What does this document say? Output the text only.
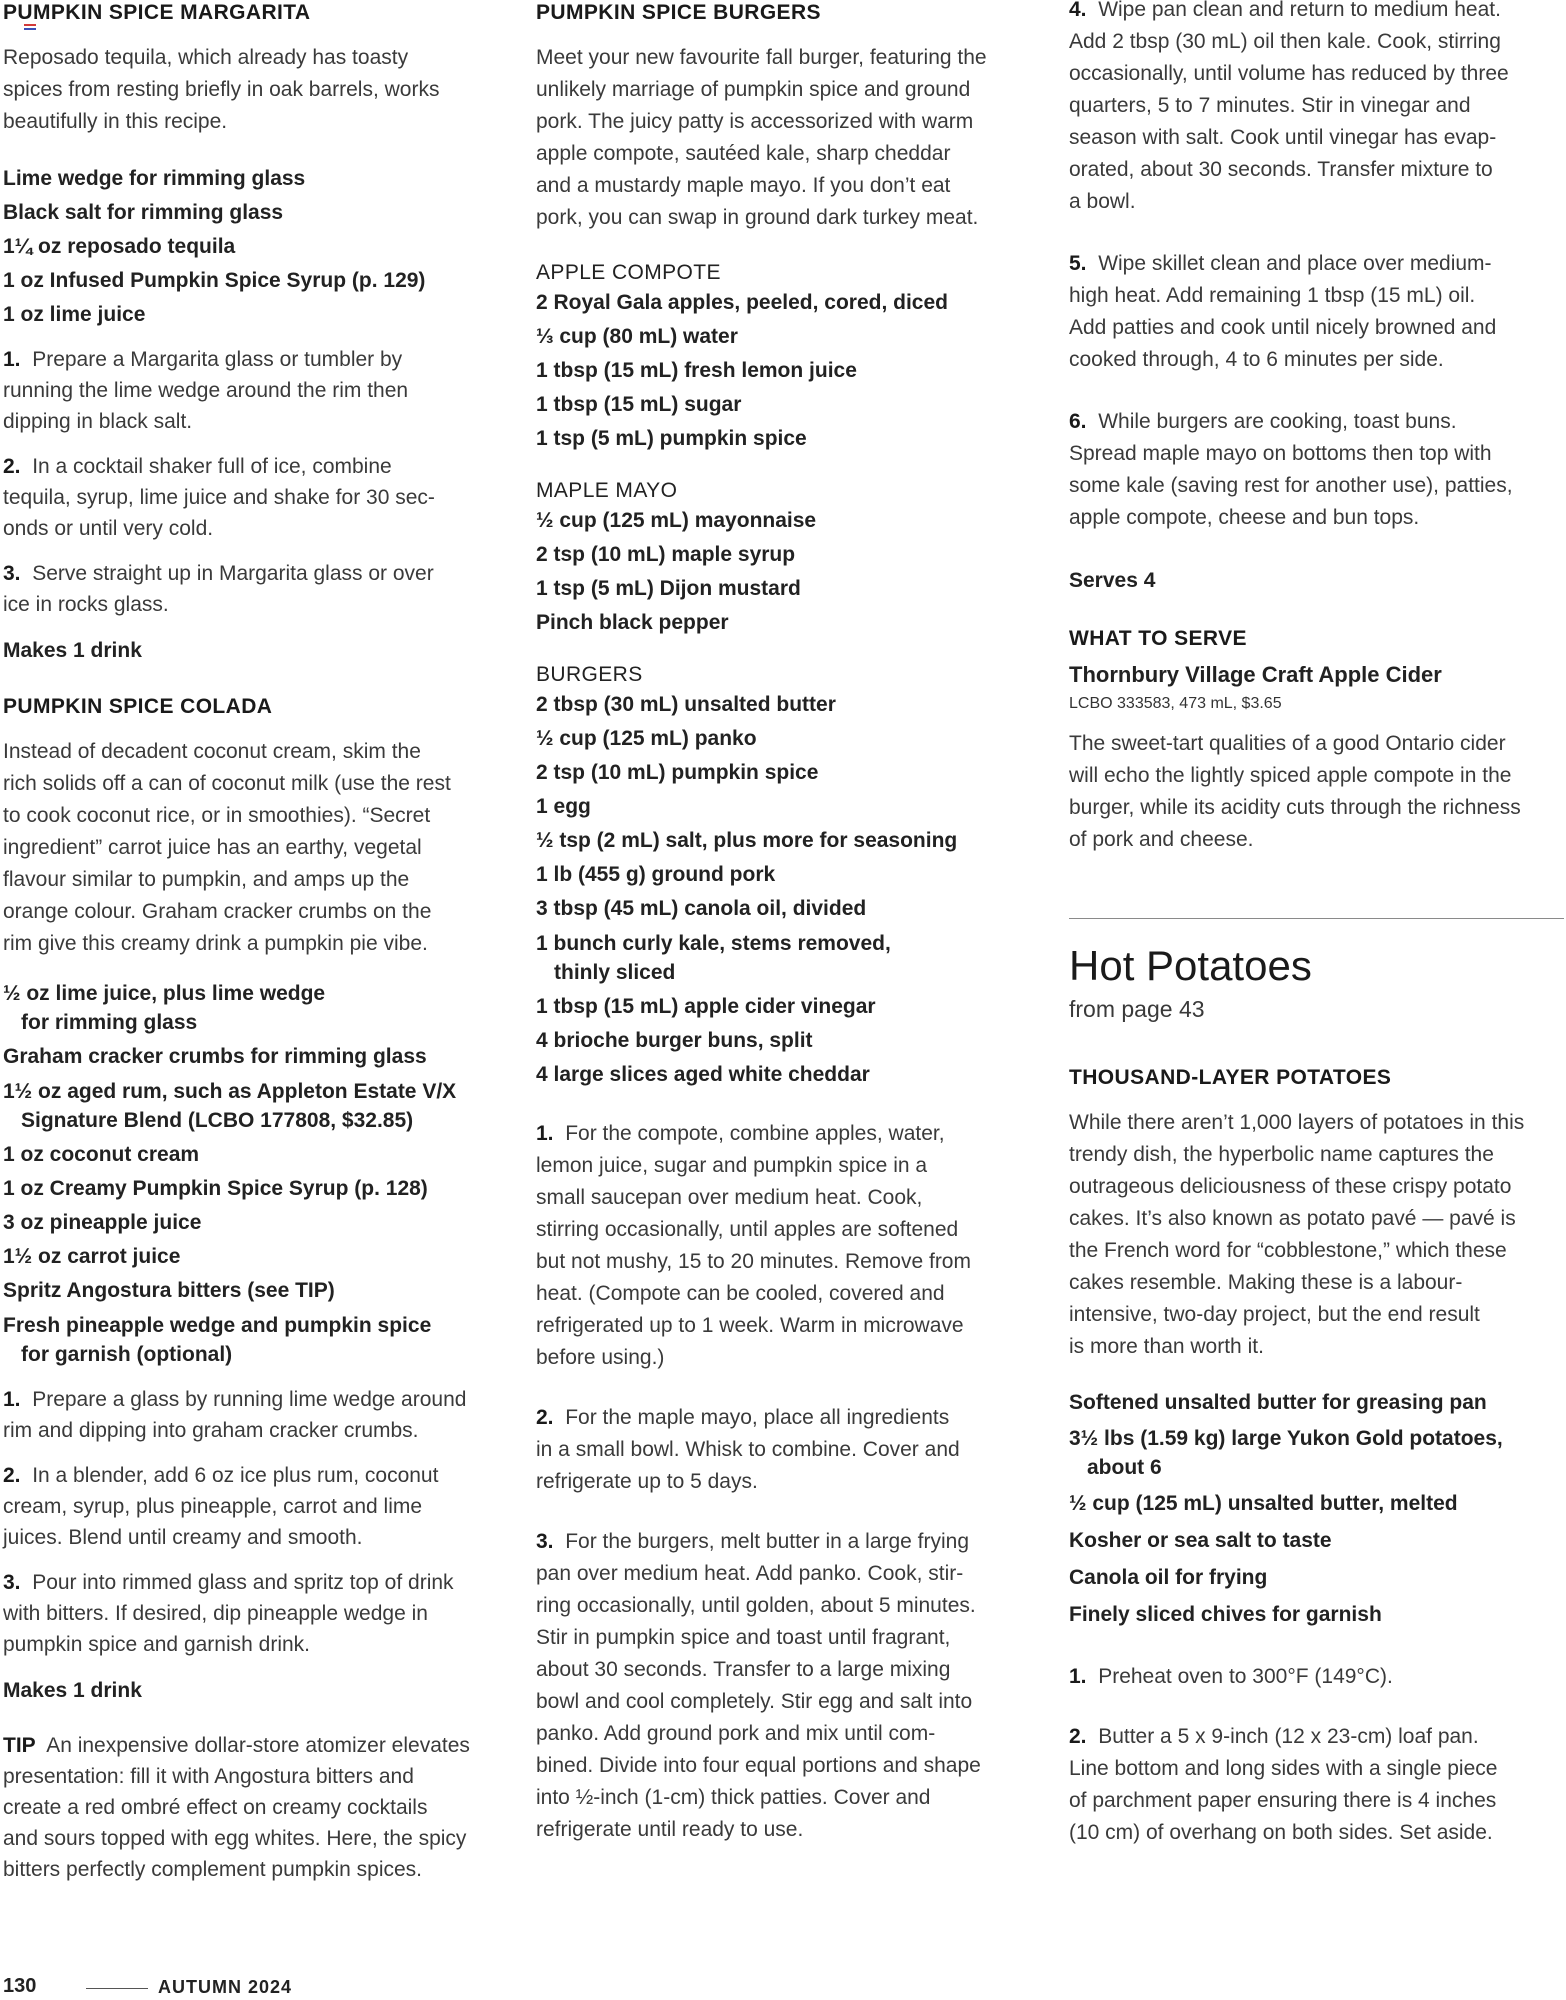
PUMPKIN SPICE MARGARITA
Reposado tequila, which already has toasty
spices from resting briefly in oak barrels, works
beautifully in this recipe.
Lime wedge for rimming glass
Black salt for rimming glass
1¼ oz reposado tequila
1 oz Infused Pumpkin Spice Syrup (p. 129)
1 oz lime juice
1. Prepare a Margarita glass or tumbler by
running the lime wedge around the rim then
dipping in black salt.
2. In a cocktail shaker full of ice, combine
tequila, syrup, lime juice and shake for 30 sec-
onds or until very cold.
3. Serve straight up in Margarita glass or over
ice in rocks glass.
Makes 1 drink
PUMPKIN SPICE COLADA
Instead of decadent coconut cream, skim the
rich solids off a can of coconut milk (use the rest
to cook coconut rice, or in smoothies). “Secret
ingredient” carrot juice has an earthy, vegetal
flavour similar to pumpkin, and amps up the
orange colour. Graham cracker crumbs on the
rim give this creamy drink a pumpkin pie vibe.
½ oz lime juice, plus lime wedge
for rimming glass
Graham cracker crumbs for rimming glass
1½ oz aged rum, such as Appleton Estate V/X
Signature Blend (LCBO 177808, $32.85)
1 oz coconut cream
1 oz Creamy Pumpkin Spice Syrup (p. 128)
3 oz pineapple juice
1½ oz carrot juice
Spritz Angostura bitters (see TIP)
Fresh pineapple wedge and pumpkin spice
for garnish (optional)
1. Prepare a glass by running lime wedge around
rim and dipping into graham cracker crumbs.
2. In a blender, add 6 oz ice plus rum, coconut
cream, syrup, plus pineapple, carrot and lime
juices. Blend until creamy and smooth.
3. Pour into rimmed glass and spritz top of drink
with bitters. If desired, dip pineapple wedge in
pumpkin spice and garnish drink.
Makes 1 drink
TIP An inexpensive dollar-store atomizer elevates
presentation: fill it with Angostura bitters and
create a red ombré effect on creamy cocktails
and sours topped with egg whites. Here, the spicy
bitters perfectly complement pumpkin spices.
PUMPKIN SPICE BURGERS
Meet your new favourite fall burger, featuring the
unlikely marriage of pumpkin spice and ground
pork. The juicy patty is accessorized with warm
apple compote, sautéed kale, sharp cheddar
and a mustardy maple mayo. If you don’t eat
pork, you can swap in ground dark turkey meat.
APPLE COMPOTE
2 Royal Gala apples, peeled, cored, diced
⅓ cup (80 mL) water
1 tbsp (15 mL) fresh lemon juice
1 tbsp (15 mL) sugar
1 tsp (5 mL) pumpkin spice
MAPLE MAYO
½ cup (125 mL) mayonnaise
2 tsp (10 mL) maple syrup
1 tsp (5 mL) Dijon mustard
Pinch black pepper
BURGERS
2 tbsp (30 mL) unsalted butter
½ cup (125 mL) panko
2 tsp (10 mL) pumpkin spice
1 egg
½ tsp (2 mL) salt, plus more for seasoning
1 lb (455 g) ground pork
3 tbsp (45 mL) canola oil, divided
1 bunch curly kale, stems removed,
thinly sliced
1 tbsp (15 mL) apple cider vinegar
4 brioche burger buns, split
4 large slices aged white cheddar
1. For the compote, combine apples, water,
lemon juice, sugar and pumpkin spice in a
small saucepan over medium heat. Cook,
stirring occasionally, until apples are softened
but not mushy, 15 to 20 minutes. Remove from
heat. (Compote can be cooled, covered and
refrigerated up to 1 week. Warm in microwave
before using.)
2. For the maple mayo, place all ingredients
in a small bowl. Whisk to combine. Cover and
refrigerate up to 5 days.
3. For the burgers, melt butter in a large frying
pan over medium heat. Add panko. Cook, stir-
ring occasionally, until golden, about 5 minutes.
Stir in pumpkin spice and toast until fragrant,
about 30 seconds. Transfer to a large mixing
bowl and cool completely. Stir egg and salt into
panko. Add ground pork and mix until com-
bined. Divide into four equal portions and shape
into ½-inch (1-cm) thick patties. Cover and
refrigerate until ready to use.
4. Wipe pan clean and return to medium heat.
Add 2 tbsp (30 mL) oil then kale. Cook, stirring
occasionally, until volume has reduced by three
quarters, 5 to 7 minutes. Stir in vinegar and
season with salt. Cook until vinegar has evap-
orated, about 30 seconds. Transfer mixture to
a bowl.
5. Wipe skillet clean and place over medium-
high heat. Add remaining 1 tbsp (15 mL) oil.
Add patties and cook until nicely browned and
cooked through, 4 to 6 minutes per side.
6. While burgers are cooking, toast buns.
Spread maple mayo on bottoms then top with
some kale (saving rest for another use), patties,
apple compote, cheese and bun tops.
Serves 4
WHAT TO SERVE
Thornbury Village Craft Apple Cider
LCBO 333583, 473 mL, $3.65
The sweet-tart qualities of a good Ontario cider
will echo the lightly spiced apple compote in the
burger, while its acidity cuts through the richness
of pork and cheese.
Hot Potatoes
from page 43
THOUSAND-LAYER POTATOES
While there aren’t 1,000 layers of potatoes in this
trendy dish, the hyperbolic name captures the
outrageous deliciousness of these crispy potato
cakes. It’s also known as potato pavé — pavé is
the French word for “cobblestone,” which these
cakes resemble. Making these is a labour-
intensive, two-day project, but the end result
is more than worth it.
Softened unsalted butter for greasing pan
3½ lbs (1.59 kg) large Yukon Gold potatoes,
about 6
½ cup (125 mL) unsalted butter, melted
Kosher or sea salt to taste
Canola oil for frying
Finely sliced chives for garnish
1. Preheat oven to 300°F (149°C).
2. Butter a 5 x 9-inch (12 x 23-cm) loaf pan.
Line bottom and long sides with a single piece
of parchment paper ensuring there is 4 inches
(10 cm) of overhang on both sides. Set aside.
130	AUTUMN 2024
